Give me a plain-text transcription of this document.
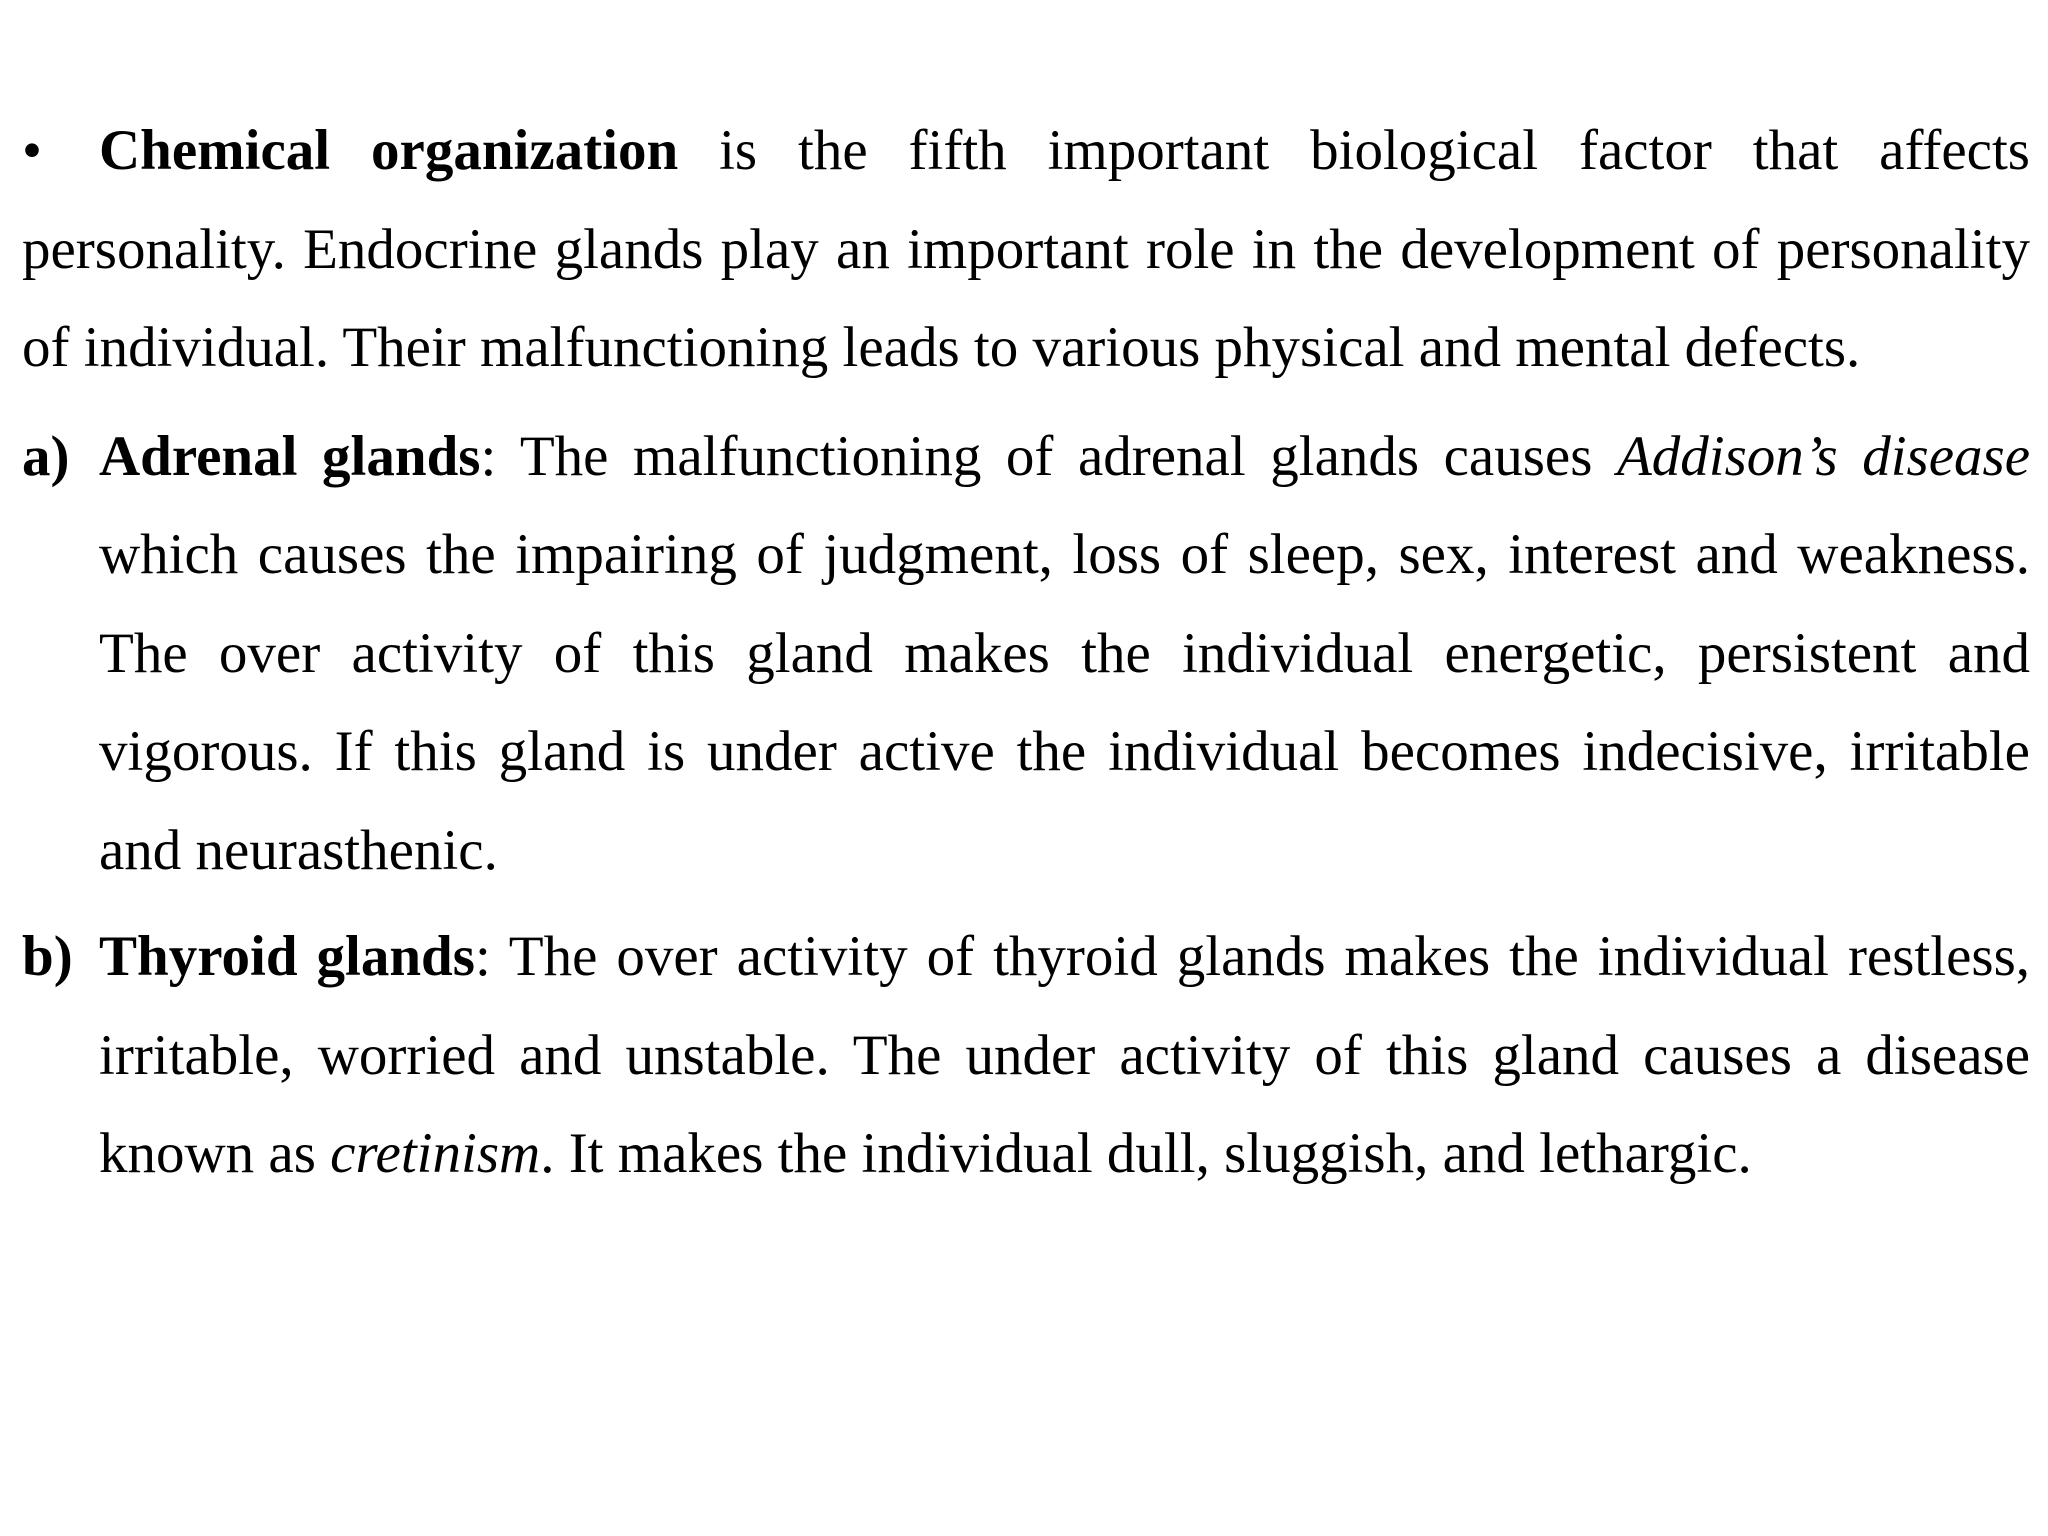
• Chemical organization is the fifth important biological factor that affects personality. Endocrine glands play an important role in the development of personality of individual. Their malfunctioning leads to various physical and mental defects.

a) Adrenal glands: The malfunctioning of adrenal glands causes Addison’s disease which causes the impairing of judgment, loss of sleep, sex, interest and weakness. The over activity of this gland makes the individual energetic, persistent and vigorous. If this gland is under active the individual becomes indecisive, irritable and neurasthenic.

b) Thyroid glands: The over activity of thyroid glands makes the individual restless, irritable, worried and unstable. The under activity of this gland causes a disease known as cretinism. It makes the individual dull, sluggish, and lethargic.
